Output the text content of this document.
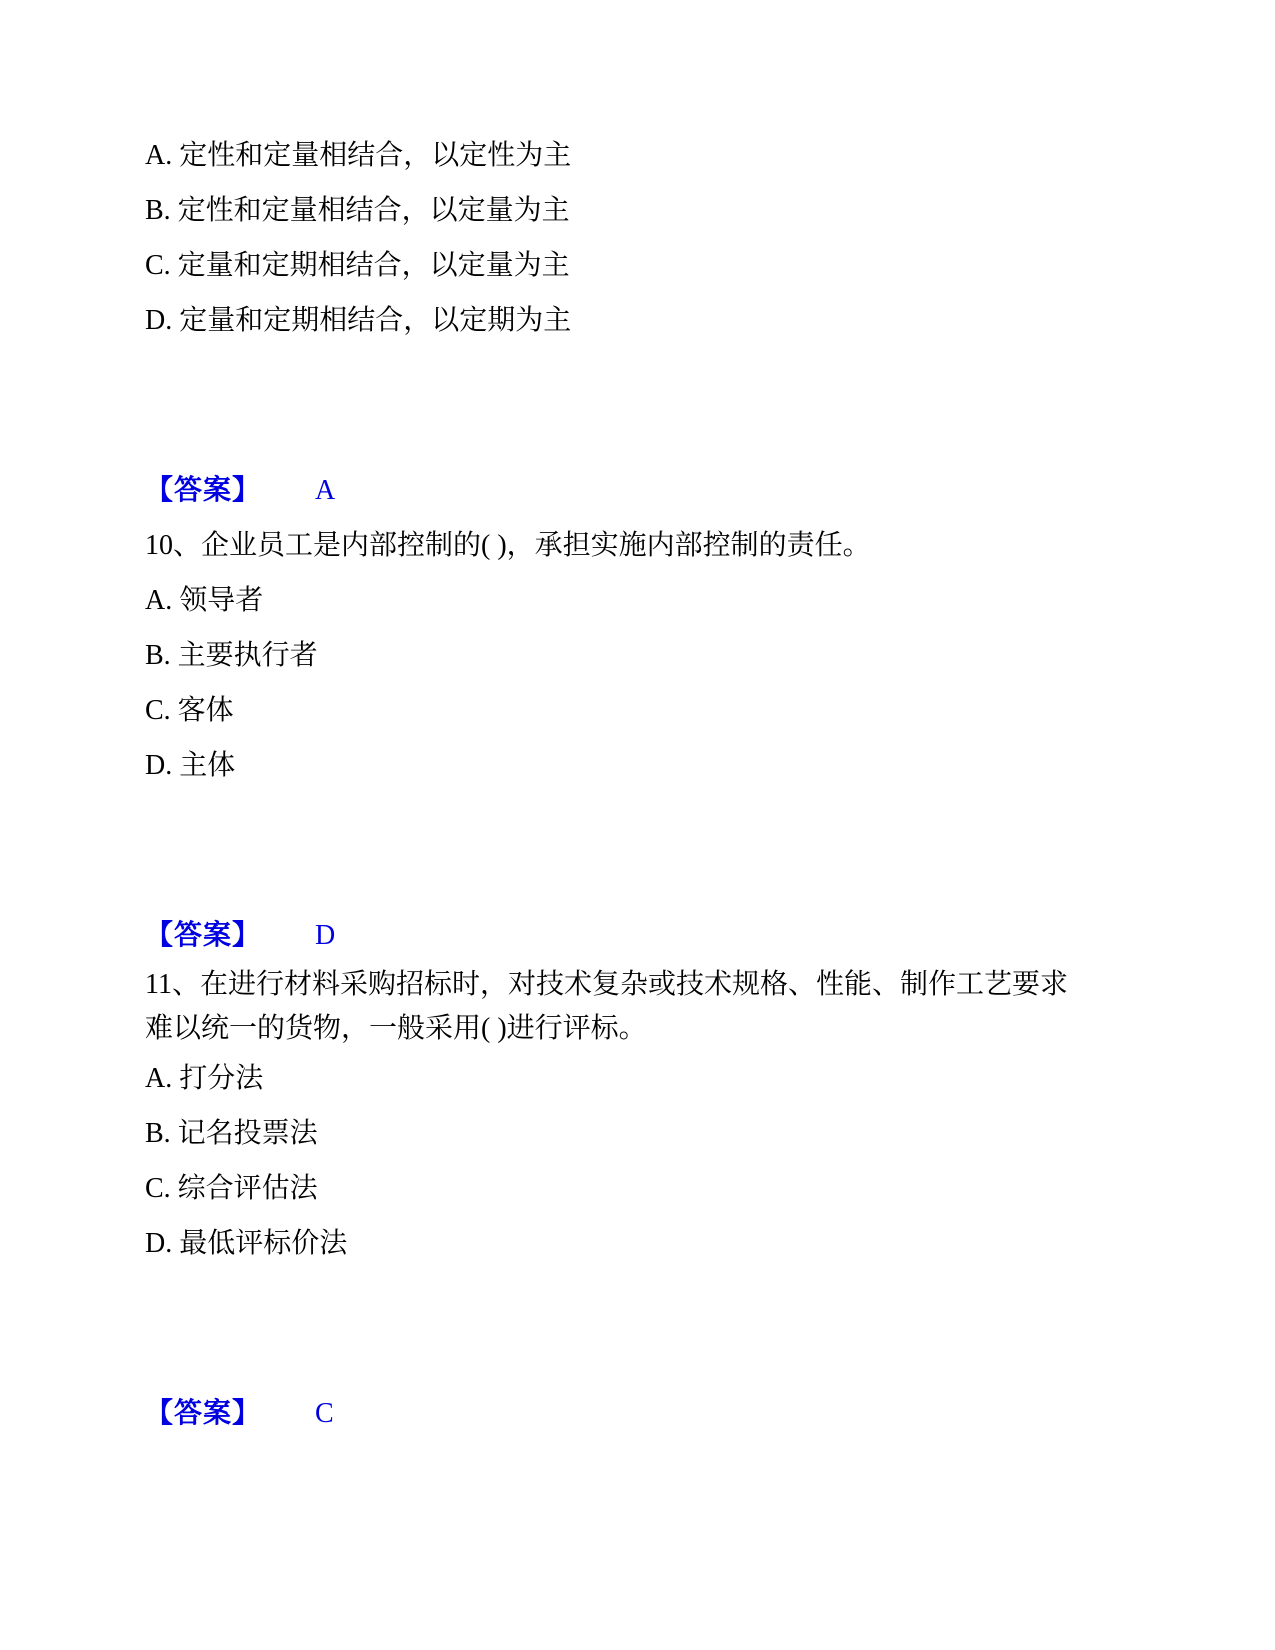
A. 定性和定量相结合，以定性为主
B. 定性和定量相结合，以定量为主
C. 定量和定期相结合，以定量为主
D. 定量和定期相结合，以定期为主
【答案】 A
10、企业员工是内部控制的( )，承担实施内部控制的责任。
A. 领导者
B. 主要执行者
C. 客体
D. 主体
【答案】 D
11、在进行材料采购招标时，对技术复杂或技术规格、性能、制作工艺要求
难以统一的货物，一般采用( )进行评标。
A. 打分法
B. 记名投票法
C. 综合评估法
D. 最低评标价法
【答案】 C
